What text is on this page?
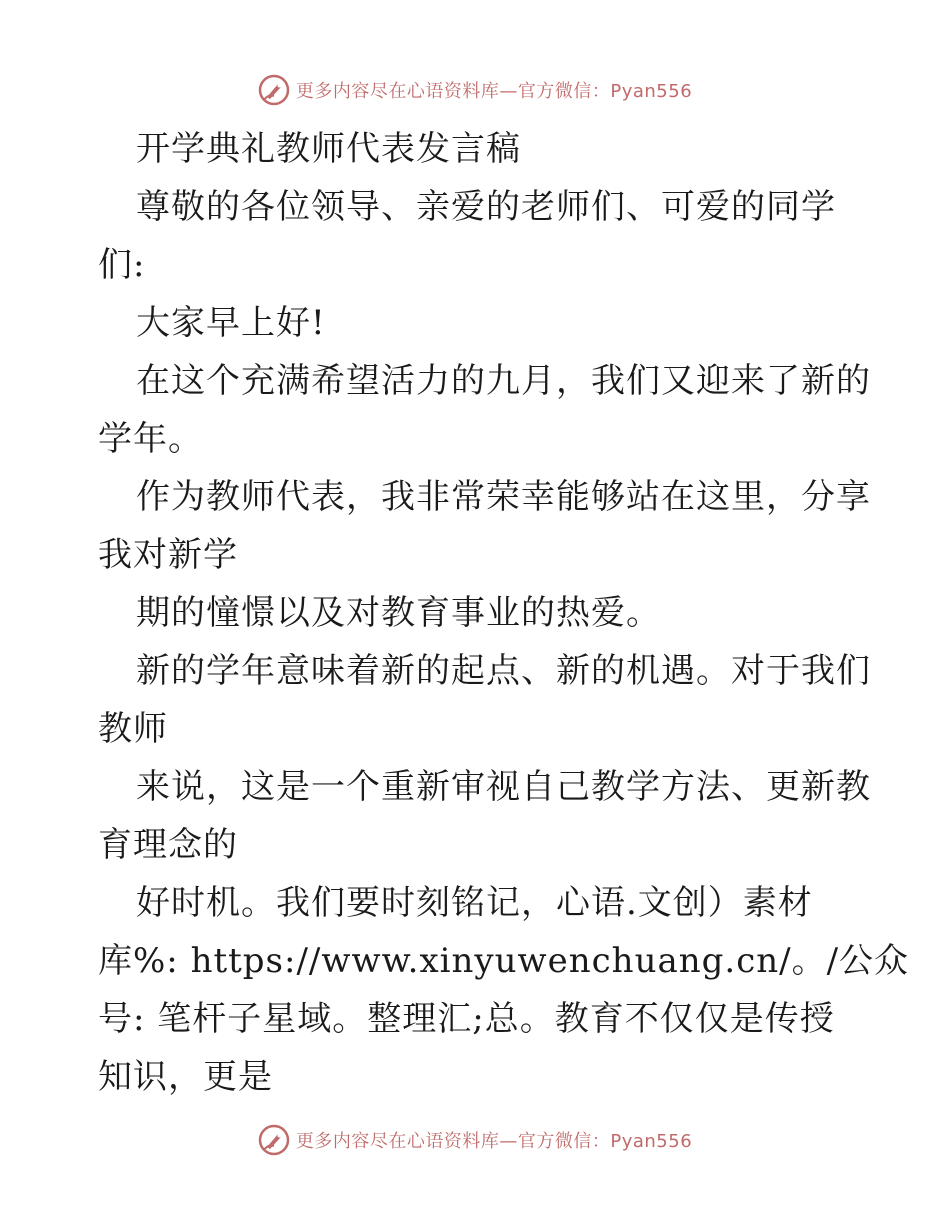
更多内容尽在心语资料库—官方微信：Pyan556
开学典礼教师代表发言稿
尊敬的各位领导、亲爱的老师们、可爱的同学
们:
大家早上好!
在这个充满希望活力的九月，我们又迎来了新的
学年。
作为教师代表，我非常荣幸能够站在这里，分享
我对新学
期的憧憬以及对教育事业的热爱。
新的学年意味着新的起点、新的机遇。对于我们
教师
来说，这是一个重新审视自己教学方法、更新教
育理念的
好时机。我们要时刻铭记，心语.文创）素材
库%: https://www.xinyuwenchuang.cn/。/公众
号: 笔杆子星域。整理汇;总。教育不仅仅是传授
知识，更是
更多内容尽在心语资料库—官方微信：Pyan556
